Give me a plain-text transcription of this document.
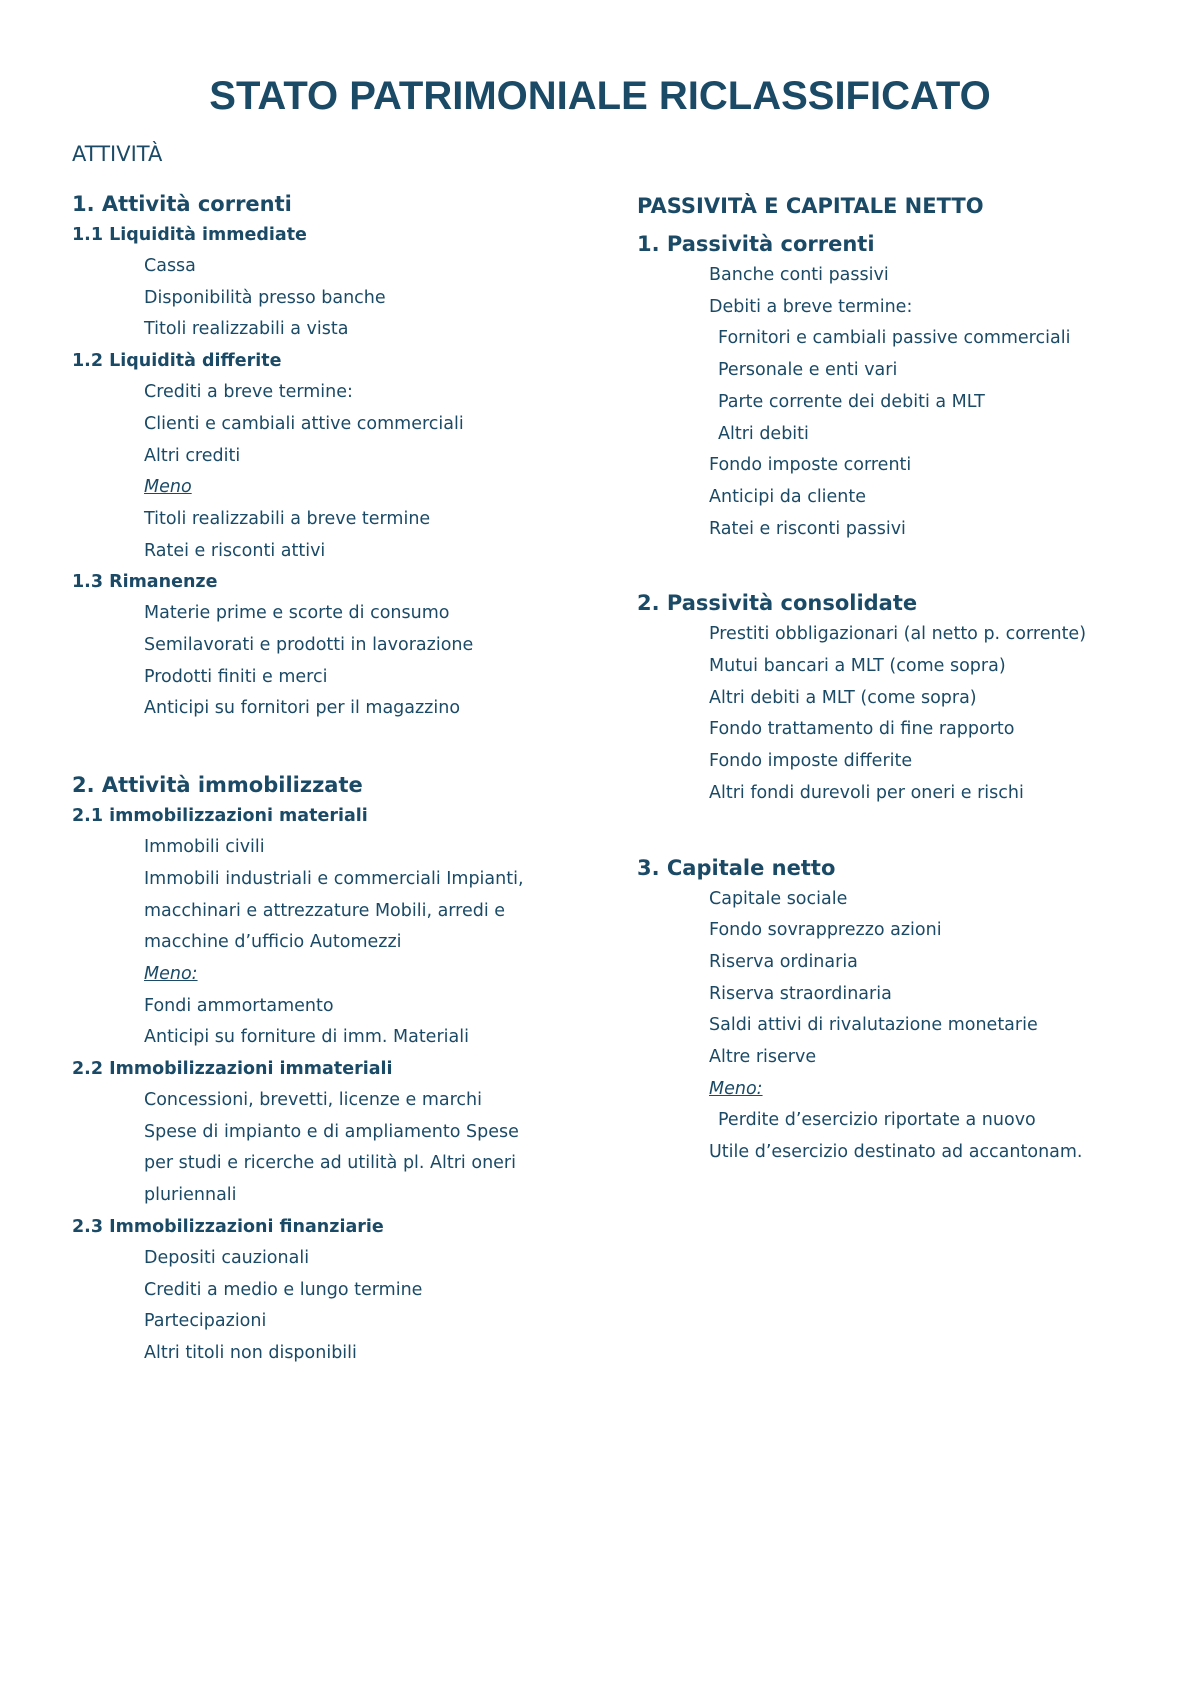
STATO PATRIMONIALE RICLASSIFICATO
ATTIVITÀ
1. Attività correnti
1.1 Liquidità immediate
Cassa
Disponibilità presso banche
Titoli realizzabili a vista
1.2 Liquidità differite
Crediti a breve termine:
Clienti e cambiali attive commerciali
Altri crediti
Meno
Titoli realizzabili a breve termine
Ratei e risconti attivi
1.3 Rimanenze
Materie prime e scorte di consumo
Semilavorati e prodotti in lavorazione
Prodotti finiti e merci
Anticipi su fornitori per il magazzino
2. Attività immobilizzate
2.1 immobilizzazioni materiali
Immobili civili
Immobili industriali e commerciali Impianti,
macchinari e attrezzature Mobili, arredi e
macchine d’ufficio Automezzi
Meno:
Fondi ammortamento
Anticipi su forniture di imm. Materiali
2.2 Immobilizzazioni immateriali
Concessioni, brevetti, licenze e marchi
Spese di impianto e di ampliamento Spese
per studi e ricerche ad utilità pl. Altri oneri
pluriennali
2.3 Immobilizzazioni finanziarie
Depositi cauzionali
Crediti a medio e lungo termine
Partecipazioni
Altri titoli non disponibili
PASSIVITÀ E CAPITALE NETTO
1. Passività correnti
Banche conti passivi
Debiti a breve termine:
Fornitori e cambiali passive commerciali
Personale e enti vari
Parte corrente dei debiti a MLT
Altri debiti
Fondo imposte correnti
Anticipi da cliente
Ratei e risconti passivi
2. Passività consolidate
Prestiti obbligazionari (al netto p. corrente)
Mutui bancari a MLT (come sopra)
Altri debiti a MLT (come sopra)
Fondo trattamento di fine rapporto
Fondo imposte differite
Altri fondi durevoli per oneri e rischi
3. Capitale netto
Capitale sociale
Fondo sovrapprezzo azioni
Riserva ordinaria
Riserva straordinaria
Saldi attivi di rivalutazione monetarie
Altre riserve
Meno:
Perdite d’esercizio riportate a nuovo
Utile d’esercizio destinato ad accantonam.
